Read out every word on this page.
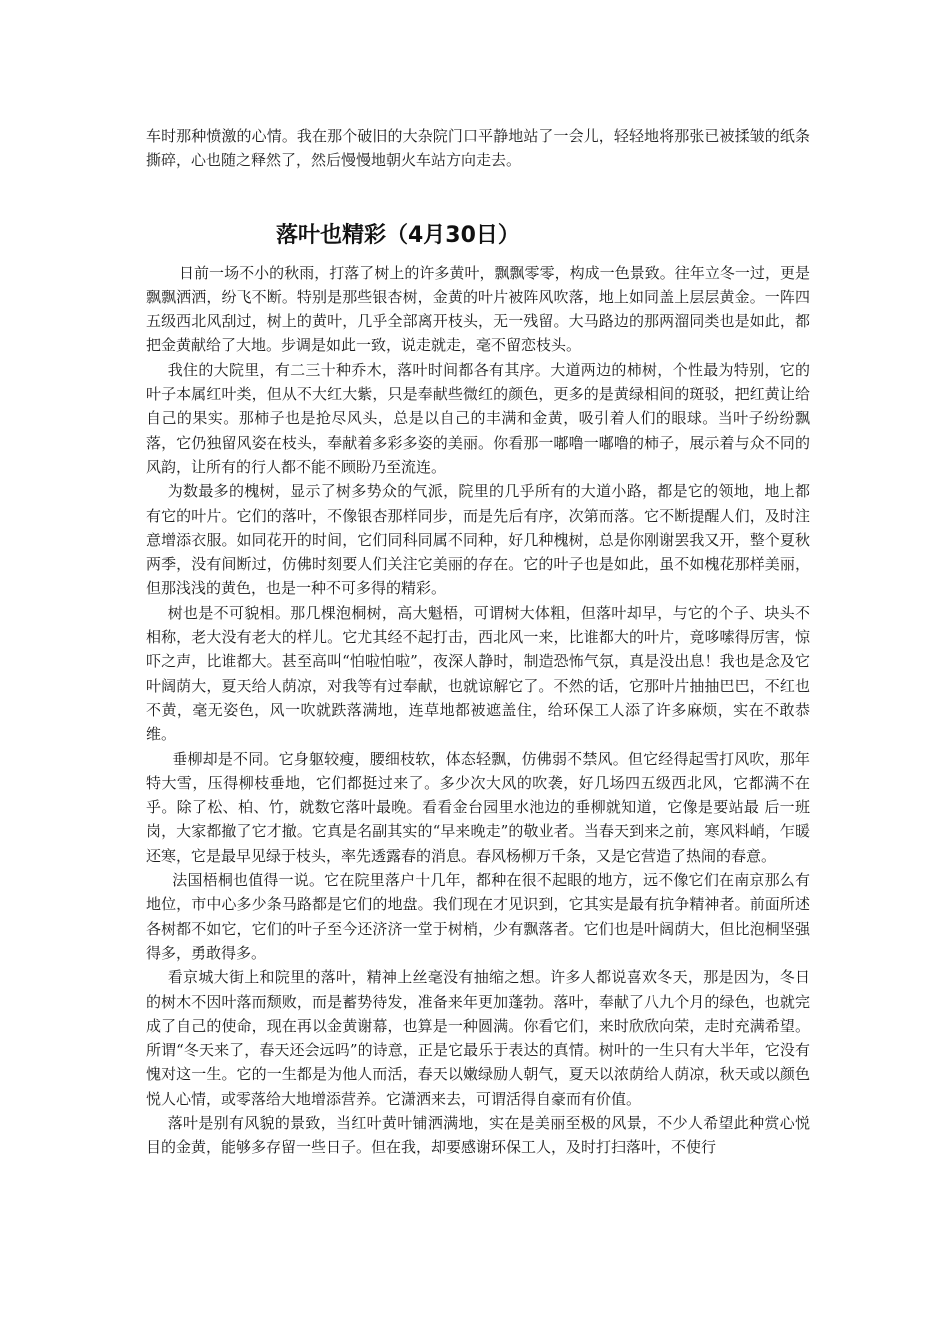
车时那种愤激的心情。我在那个破旧的大杂院门口平静地站了一会儿，轻轻地将那张已被揉皱的纸条撕碎，心也随之释然了，然后慢慢地朝火车站方向走去。

落叶也精彩（4月30日）

日前一场不小的秋雨，打落了树上的许多黄叶，飘飘零零，构成一色景致。往年立冬一过，更是飘飘洒洒，纷飞不断。特别是那些银杏树，金黄的叶片被阵风吹落，地上如同盖上层层黄金。一阵四五级西北风刮过，树上的黄叶，几乎全部离开枝头，无一残留。大马路边的那两溜同类也是如此，都把金黄献给了大地。步调是如此一致，说走就走，毫不留恋枝头。

我住的大院里，有二三十种乔木，落叶时间都各有其序。大道两边的柿树，个性最为特别，它的叶子本属红叶类，但从不大红大紫，只是奉献些微红的颜色，更多的是黄绿相间的斑驳，把红黄让给自己的果实。那柿子也是抢尽风头，总是以自己的丰满和金黄，吸引着人们的眼球。当叶子纷纷飘落，它仍独留风姿在枝头，奉献着多彩多姿的美丽。你看那一嘟噜一嘟噜的柿子，展示着与众不同的风韵，让所有的行人都不能不顾盼乃至流连。

为数最多的槐树，显示了树多势众的气派，院里的几乎所有的大道小路，都是它的领地，地上都有它的叶片。它们的落叶，不像银杏那样同步，而是先后有序，次第而落。它不断提醒人们，及时注意增添衣服。如同花开的时间，它们同科同属不同种，好几种槐树，总是你刚谢罢我又开，整个夏秋两季，没有间断过，仿佛时刻要人们关注它美丽的存在。它的叶子也是如此，虽不如槐花那样美丽，但那浅浅的黄色，也是一种不可多得的精彩。

树也是不可貌相。那几棵泡桐树，高大魁梧，可谓树大体粗，但落叶却早，与它的个子、块头不相称，老大没有老大的样儿。它尤其经不起打击，西北风一来，比谁都大的叶片，竟哆嗦得厉害，惊吓之声，比谁都大。甚至高叫“怕啦怕啦”，夜深人静时，制造恐怖气氛，真是没出息！我也是念及它叶阔荫大，夏天给人荫凉，对我等有过奉献，也就谅解它了。不然的话，它那叶片抽抽巴巴，不红也不黄，毫无姿色，风一吹就跌落满地，连草地都被遮盖住，给环保工人添了许多麻烦，实在不敢恭维。

垂柳却是不同。它身躯较瘦，腰细枝软，体态轻飘，仿佛弱不禁风。但它经得起雪打风吹，那年特大雪，压得柳枝垂地，它们都挺过来了。多少次大风的吹袭，好几场四五级西北风，它都满不在乎。除了松、柏、竹，就数它落叶最晚。看看金台园里水池边的垂柳就知道，它像是要站最 后一班岗，大家都撤了它才撤。它真是名副其实的“早来晚走”的敬业者。当春天到来之前，寒风料峭，乍暖还寒，它是最早见绿于枝头，率先透露春的消息。春风杨柳万千条，又是它营造了热闹的春意。

法国梧桐也值得一说。它在院里落户十几年，都种在很不起眼的地方，远不像它们在南京那么有地位，市中心多少条马路都是它们的地盘。我们现在才见识到，它其实是最有抗争精神者。前面所述各树都不如它，它们的叶子至今还济济一堂于树梢，少有飘落者。它们也是叶阔荫大，但比泡桐坚强得多，勇敢得多。

看京城大街上和院里的落叶，精神上丝毫没有抽缩之想。许多人都说喜欢冬天，那是因为，冬日的树木不因叶落而颓败，而是蓄势待发，准备来年更加蓬勃。落叶，奉献了八九个月的绿色，也就完成了自己的使命，现在再以金黄谢幕，也算是一种圆满。你看它们，来时欣欣向荣，走时充满希望。所谓“冬天来了，春天还会远吗”的诗意，正是它最乐于表达的真情。树叶的一生只有大半年，它没有愧对这一生。它的一生都是为他人而活，春天以嫩绿励人朝气，夏天以浓荫给人荫凉，秋天或以颜色悦人心情，或零落给大地增添营养。它潇洒来去，可谓活得自豪而有价值。

落叶是别有风貌的景致，当红叶黄叶铺洒满地，实在是美丽至极的风景，不少人希望此种赏心悦目的金黄，能够多存留一些日子。但在我，却要感谢环保工人，及时打扫落叶，不使行
